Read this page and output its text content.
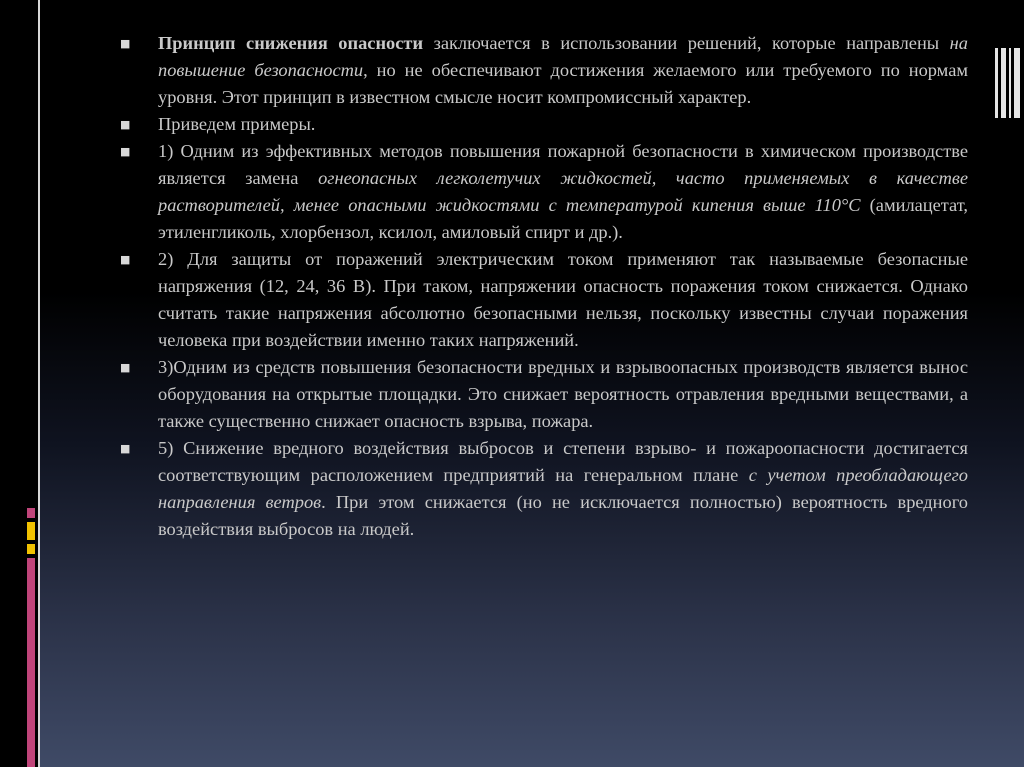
■ Принцип снижения опасности заключается в использовании решений, которые направлены на повышение безопасности, но не обеспечивают достижения желаемого или требуемого по нормам уровня. Этот принцип в известном смысле носит компромиссный характер.
■ Приведем примеры.
■ 1) Одним из эффективных методов повышения пожарной безопасности в химическом производстве является замена огнеопасных легколетучих жидкостей, часто применяемых в качестве растворителей, менее опасными жидкостями с температурой кипения выше 110°С (амилацетат, этиленгликоль, хлорбензол, ксилол, амиловый спирт и др.).
■ 2) Для защиты от поражений электрическим током применяют так называемые безопасные напряжения (12, 24, 36 В). При таком, напряжении опасность поражения током снижается. Однако считать такие напряжения абсолютно безопасными нельзя, поскольку известны случаи поражения человека при воздействии именно таких напряжений.
■ 3)Одним из средств повышения безопасности вредных и взрывоопасных производств является вынос оборудования на открытые площадки. Это снижает вероятность отравления вредными веществами, а также существенно снижает опасность взрыва, пожара.
■ 5) Снижение вредного воздействия выбросов и степени взрыво- и пожароопасности достигается соответствующим расположением предприятий на генеральном плане с учетом преобладающего направления ветров. При этом снижается (но не исключается полностью) вероятность вредного воздействия выбросов на людей.
